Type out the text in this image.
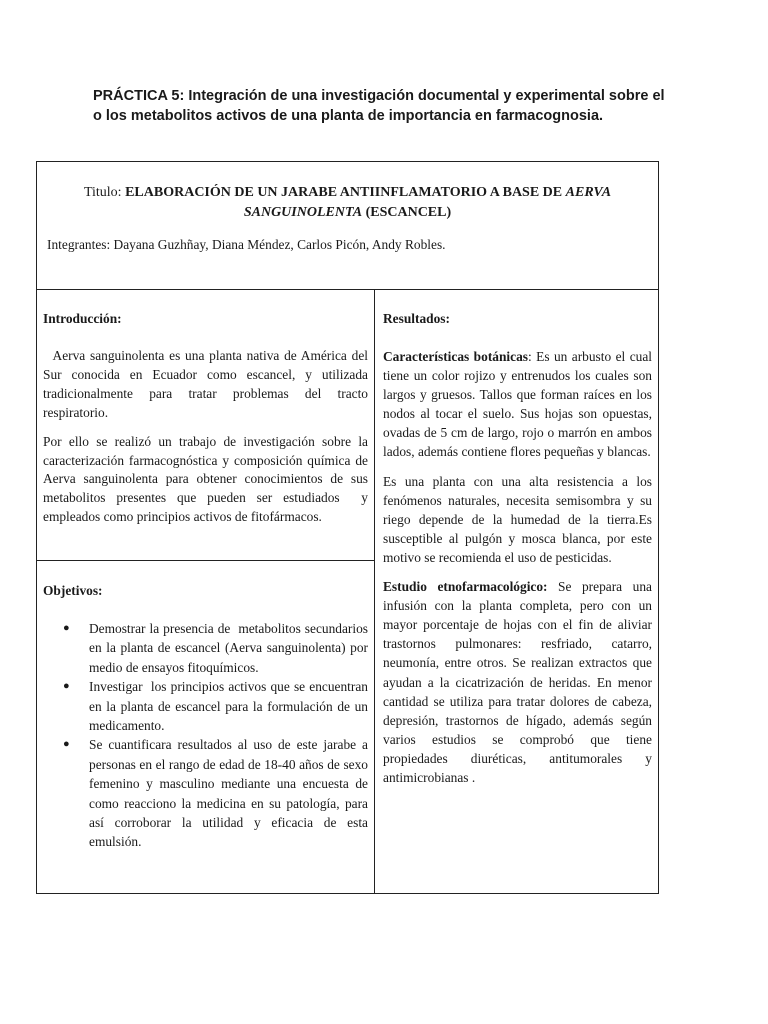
PRÁCTICA 5: Integración de una investigación documental y experimental sobre el
o los metabolitos activos de una planta de importancia en farmacognosia.

Titulo: ELABORACIÓN DE UN JARABE ANTIINFLAMATORIO A BASE DE AERVA SANGUINOLENTA (ESCANCEL)

Integrantes: Dayana Guzhñay, Diana Méndez, Carlos Picón, Andy Robles.

Introducción:

Aerva sanguinolenta es una planta nativa de América del Sur conocida en Ecuador como escancel, y utilizada tradicionalmente para tratar problemas del tracto respiratorio.

Por ello se realizó un trabajo de investigación sobre la caracterización farmacognóstica y composición química de Aerva sanguinolenta para obtener conocimientos de sus metabolitos presentes que pueden ser estudiados  y  empleados como principios activos de fitofármacos.

Objetivos:

● Demostrar la presencia de  metabolitos secundarios en la planta de escancel (Aerva sanguinolenta) por medio de ensayos fitoquímicos.
● Investigar  los principios activos que se encuentran en la planta de escancel para la formulación de un medicamento.
● Se cuantificara resultados al uso de este jarabe a   personas en el rango de edad de 18-40 años de sexo femenino y masculino mediante una encuesta de como reacciono la medicina en su patología, para  así corroborar la utilidad y eficacia de esta emulsión.

Resultados:

Características botánicas: Es un arbusto el cual tiene un color rojizo y entrenudos los cuales son largos y gruesos. Tallos que forman raíces en los nodos al tocar el suelo. Sus hojas son opuestas, ovadas de 5 cm de largo, rojo o marrón en ambos lados, además contiene flores pequeñas y blancas.

Es una planta con una alta resistencia a los fenómenos naturales, necesita semisombra y su riego depende de la humedad de la tierra.Es susceptible al pulgón y mosca blanca, por este motivo se recomienda el uso de pesticidas.

Estudio etnofarmacológico: Se prepara una infusión con la planta completa, pero con un mayor porcentaje de hojas con el fin de aliviar trastornos pulmonares: resfriado, catarro, neumonía, entre otros. Se realizan extractos que ayudan a la cicatrización de heridas. En menor cantidad se utiliza para tratar dolores de cabeza, depresión, trastornos de hígado, además según varios estudios se comprobó que tiene propiedades diuréticas, antitumorales y antimicrobianas .
